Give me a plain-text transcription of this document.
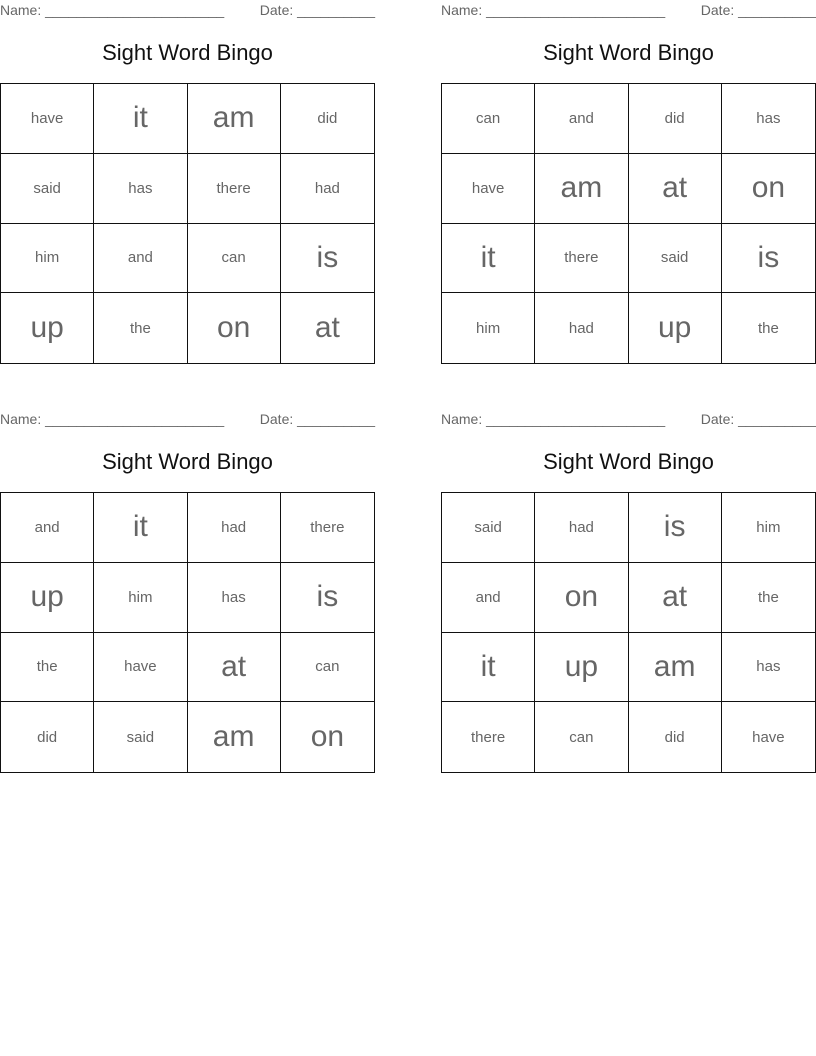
Name: _______________________	Date: __________
Sight Word Bingo
have	it	am	did
said	has	there	had
him	and	can	is
up	the	on	at
Name: _______________________	Date: __________
Sight Word Bingo
can	and	did	has
have	am	at	on
it	there	said	is
him	had	up	the
Name: _______________________	Date: __________
Sight Word Bingo
and	it	had	there
up	him	has	is
the	have	at	can
did	said	am	on
Name: _______________________	Date: __________
Sight Word Bingo
said	had	is	him
and	on	at	the
it	up	am	has
there	can	did	have
